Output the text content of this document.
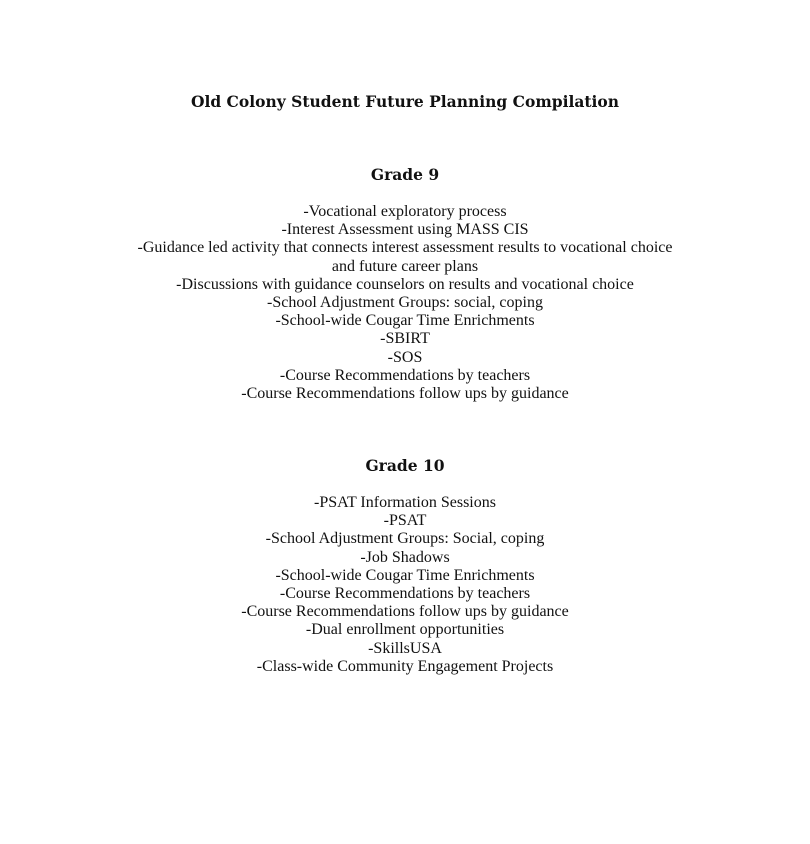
Old Colony Student Future Planning Compilation
Grade 9
-Vocational exploratory process
-Interest Assessment using MASS CIS
-Guidance led activity that connects interest assessment results to vocational choice and future career plans
-Discussions with guidance counselors on results and vocational choice
-School Adjustment Groups: social, coping
-School-wide Cougar Time Enrichments
-SBIRT
-SOS
-Course Recommendations by teachers
-Course Recommendations follow ups by guidance
Grade 10
-PSAT Information Sessions
-PSAT
-School Adjustment Groups: Social, coping
-Job Shadows
-School-wide Cougar Time Enrichments
-Course Recommendations by teachers
-Course Recommendations follow ups by guidance
-Dual enrollment opportunities
-SkillsUSA
-Class-wide Community Engagement Projects
